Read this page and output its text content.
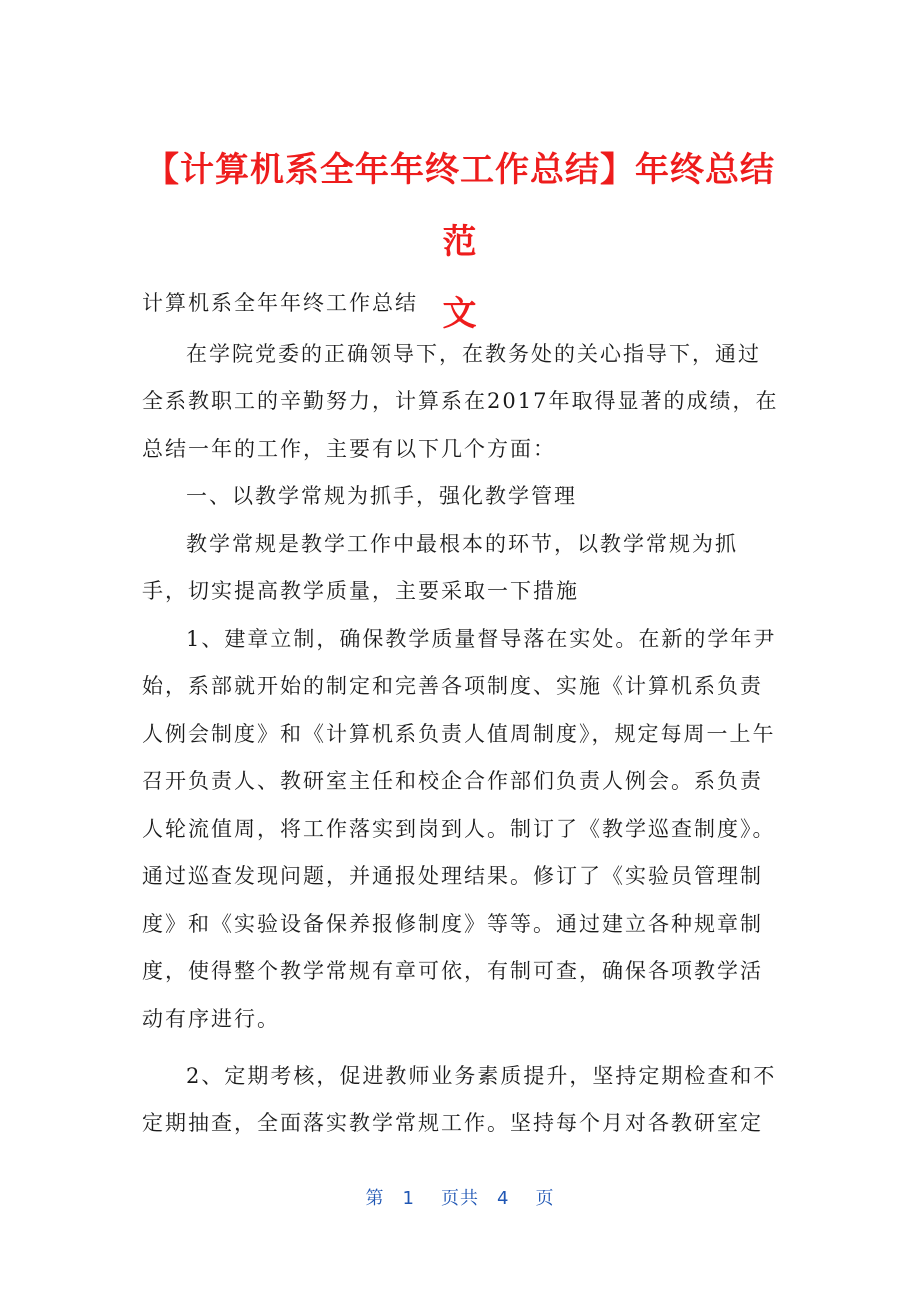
【计算机系全年年终工作总结】年终总结范
文
计算机系全年年终工作总结
在学院党委的正确领导下，在教务处的关心指导下，通过
全系教职工的辛勤努力，计算系在2017年取得显著的成绩，在
总结一年的工作，主要有以下几个方面：
一、以教学常规为抓手，强化教学管理
教学常规是教学工作中最根本的环节，以教学常规为抓
手，切实提高教学质量，主要采取一下措施
1、建章立制，确保教学质量督导落在实处。在新的学年尹
始，系部就开始的制定和完善各项制度、实施《计算机系负责
人例会制度》和《计算机系负责人值周制度》，规定每周一上午
召开负责人、教研室主任和校企合作部们负责人例会。系负责
人轮流值周，将工作落实到岗到人。制订了《教学巡查制度》。
通过巡查发现问题，并通报处理结果。修订了《实验员管理制
度》和《实验设备保养报修制度》等等。通过建立各种规章制
度，使得整个教学常规有章可依，有制可查，确保各项教学活
动有序进行。
2、定期考核，促进教师业务素质提升，坚持定期检查和不
定期抽查，全面落实教学常规工作。坚持每个月对各教研室定
第 1 页共 4 页
